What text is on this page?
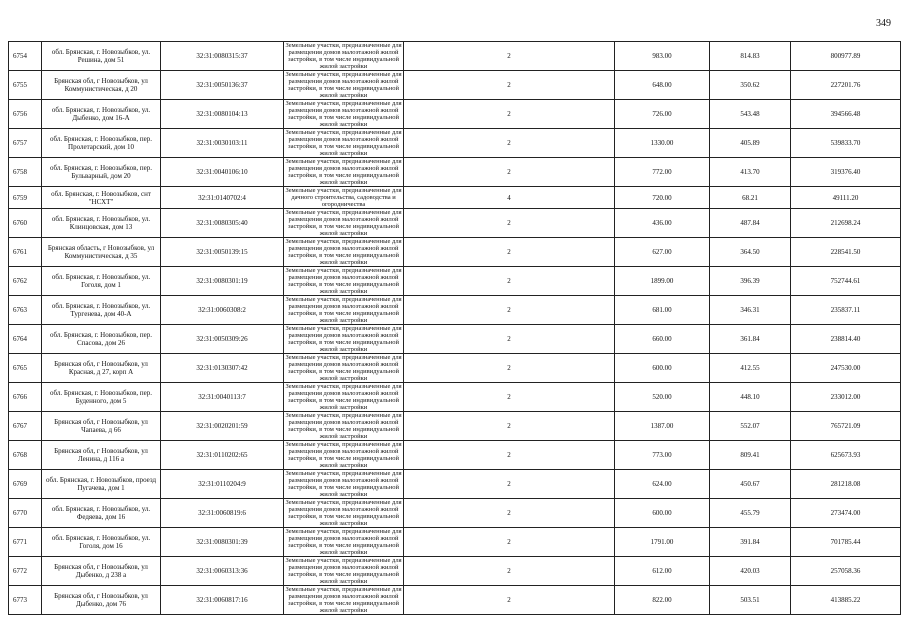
349
6754	обл. Брянская, г. Новозыбков, ул. Решина, дом 51	32:31:0080315:37	Земельные участки, предназначенные для размещения домов малоэтажной жилой застройки, в том числе индивидуальной жилой застройки	2	983.00	814.83	800977.89
6755	Брянская обл, г Новозыбков, ул Коммунистическая, д 20	32:31:0050136:37	Земельные участки, предназначенные для размещения домов малоэтажной жилой застройки, в том числе индивидуальной жилой застройки	2	648.00	350.62	227201.76
6756	обл. Брянская, г. Новозыбков, ул. Дыбенко, дом 16-А	32:31:0080104:13	Земельные участки, предназначенные для размещения домов малоэтажной жилой застройки, в том числе индивидуальной жилой застройки	2	726.00	543.48	394566.48
6757	обл. Брянская, г. Новозыбков, пер. Пролетарский, дом 10	32:31:0030103:11	Земельные участки, предназначенные для размещения домов малоэтажной жилой застройки, в том числе индивидуальной жилой застройки	2	1330.00	405.89	539833.70
6758	обл. Брянская, г. Новозыбков, пер. Бульварный, дом 20	32:31:0040106:10	Земельные участки, предназначенные для размещения домов малоэтажной жилой застройки, в том числе индивидуальной жилой застройки	2	772.00	413.70	319376.40
6759	обл. Брянская, г. Новозыбков, снт "НСХТ"	32:31:0140702:4	Земельные участки, предназначенные для дачного строительства, садоводства и огородничества	4	720.00	68.21	49111.20
6760	обл. Брянская, г. Новозыбков, ул. Клинцовская, дом 13	32:31:0080305:40	Земельные участки, предназначенные для размещения домов малоэтажной жилой застройки, в том числе индивидуальной жилой застройки	2	436.00	487.84	212698.24
6761	Брянская область, г Новозыбков, ул Коммунистическая, д 35	32:31:0050139:15	Земельные участки, предназначенные для размещения домов малоэтажной жилой застройки, в том числе индивидуальной жилой застройки	2	627.00	364.50	228541.50
6762	обл. Брянская, г. Новозыбков, ул. Гоголя, дом 1	32:31:0080301:19	Земельные участки, предназначенные для размещения домов малоэтажной жилой застройки, в том числе индивидуальной жилой застройки	2	1899.00	396.39	752744.61
6763	обл. Брянская, г. Новозыбков, ул. Тургенева, дом 40-А	32:31:0060308:2	Земельные участки, предназначенные для размещения домов малоэтажной жилой застройки, в том числе индивидуальной жилой застройки	2	681.00	346.31	235837.11
6764	обл. Брянская, г. Новозыбков, пер. Спасова, дом 26	32:31:0050309:26	Земельные участки, предназначенные для размещения домов малоэтажной жилой застройки, в том числе индивидуальной жилой застройки	2	660.00	361.84	238814.40
6765	Брянская обл, г Новозыбков, ул Красная, д 27, корп А	32:31:0130307:42	Земельные участки, предназначенные для размещения домов малоэтажной жилой застройки, в том числе индивидуальной жилой застройки	2	600.00	412.55	247530.00
6766	обл. Брянская, г. Новозыбков, пер. Буденного, дом 5	32:31:0040113:7	Земельные участки, предназначенные для размещения домов малоэтажной жилой застройки, в том числе индивидуальной жилой застройки	2	520.00	448.10	233012.00
6767	Брянская обл, г Новозыбков, ул Чапаева, д 66	32:31:0020201:59	Земельные участки, предназначенные для размещения домов малоэтажной жилой застройки, в том числе индивидуальной жилой застройки	2	1387.00	552.07	765721.09
6768	Брянская обл, г Новозыбков, ул Ленина, д 116 а	32:31:0110202:65	Земельные участки, предназначенные для размещения домов малоэтажной жилой застройки, в том числе индивидуальной жилой застройки	2	773.00	809.41	625673.93
6769	обл. Брянская, г. Новозыбков, проезд Пугачева, дом 1	32:31:0110204:9	Земельные участки, предназначенные для размещения домов малоэтажной жилой застройки, в том числе индивидуальной жилой застройки	2	624.00	450.67	281218.08
6770	обл. Брянская, г. Новозыбков, ул. Федяева, дом 16	32:31:0060819:6	Земельные участки, предназначенные для размещения домов малоэтажной жилой застройки, в том числе индивидуальной жилой застройки	2	600.00	455.79	273474.00
6771	обл. Брянская, г. Новозыбков, ул. Гоголя, дом 16	32:31:0080301:39	Земельные участки, предназначенные для размещения домов малоэтажной жилой застройки, в том числе индивидуальной жилой застройки	2	1791.00	391.84	701785.44
6772	Брянская обл, г Новозыбков, ул Дыбенко, д 238 а	32:31:0060313:36	Земельные участки, предназначенные для размещения домов малоэтажной жилой застройки, в том числе индивидуальной жилой застройки	2	612.00	420.03	257058.36
6773	Брянская обл, г Новозыбков, ул Дыбенко, дом 76	32:31:0060817:16	Земельные участки, предназначенные для размещения домов малоэтажной жилой застройки, в том числе индивидуальной жилой застройки	2	822.00	503.51	413885.22
